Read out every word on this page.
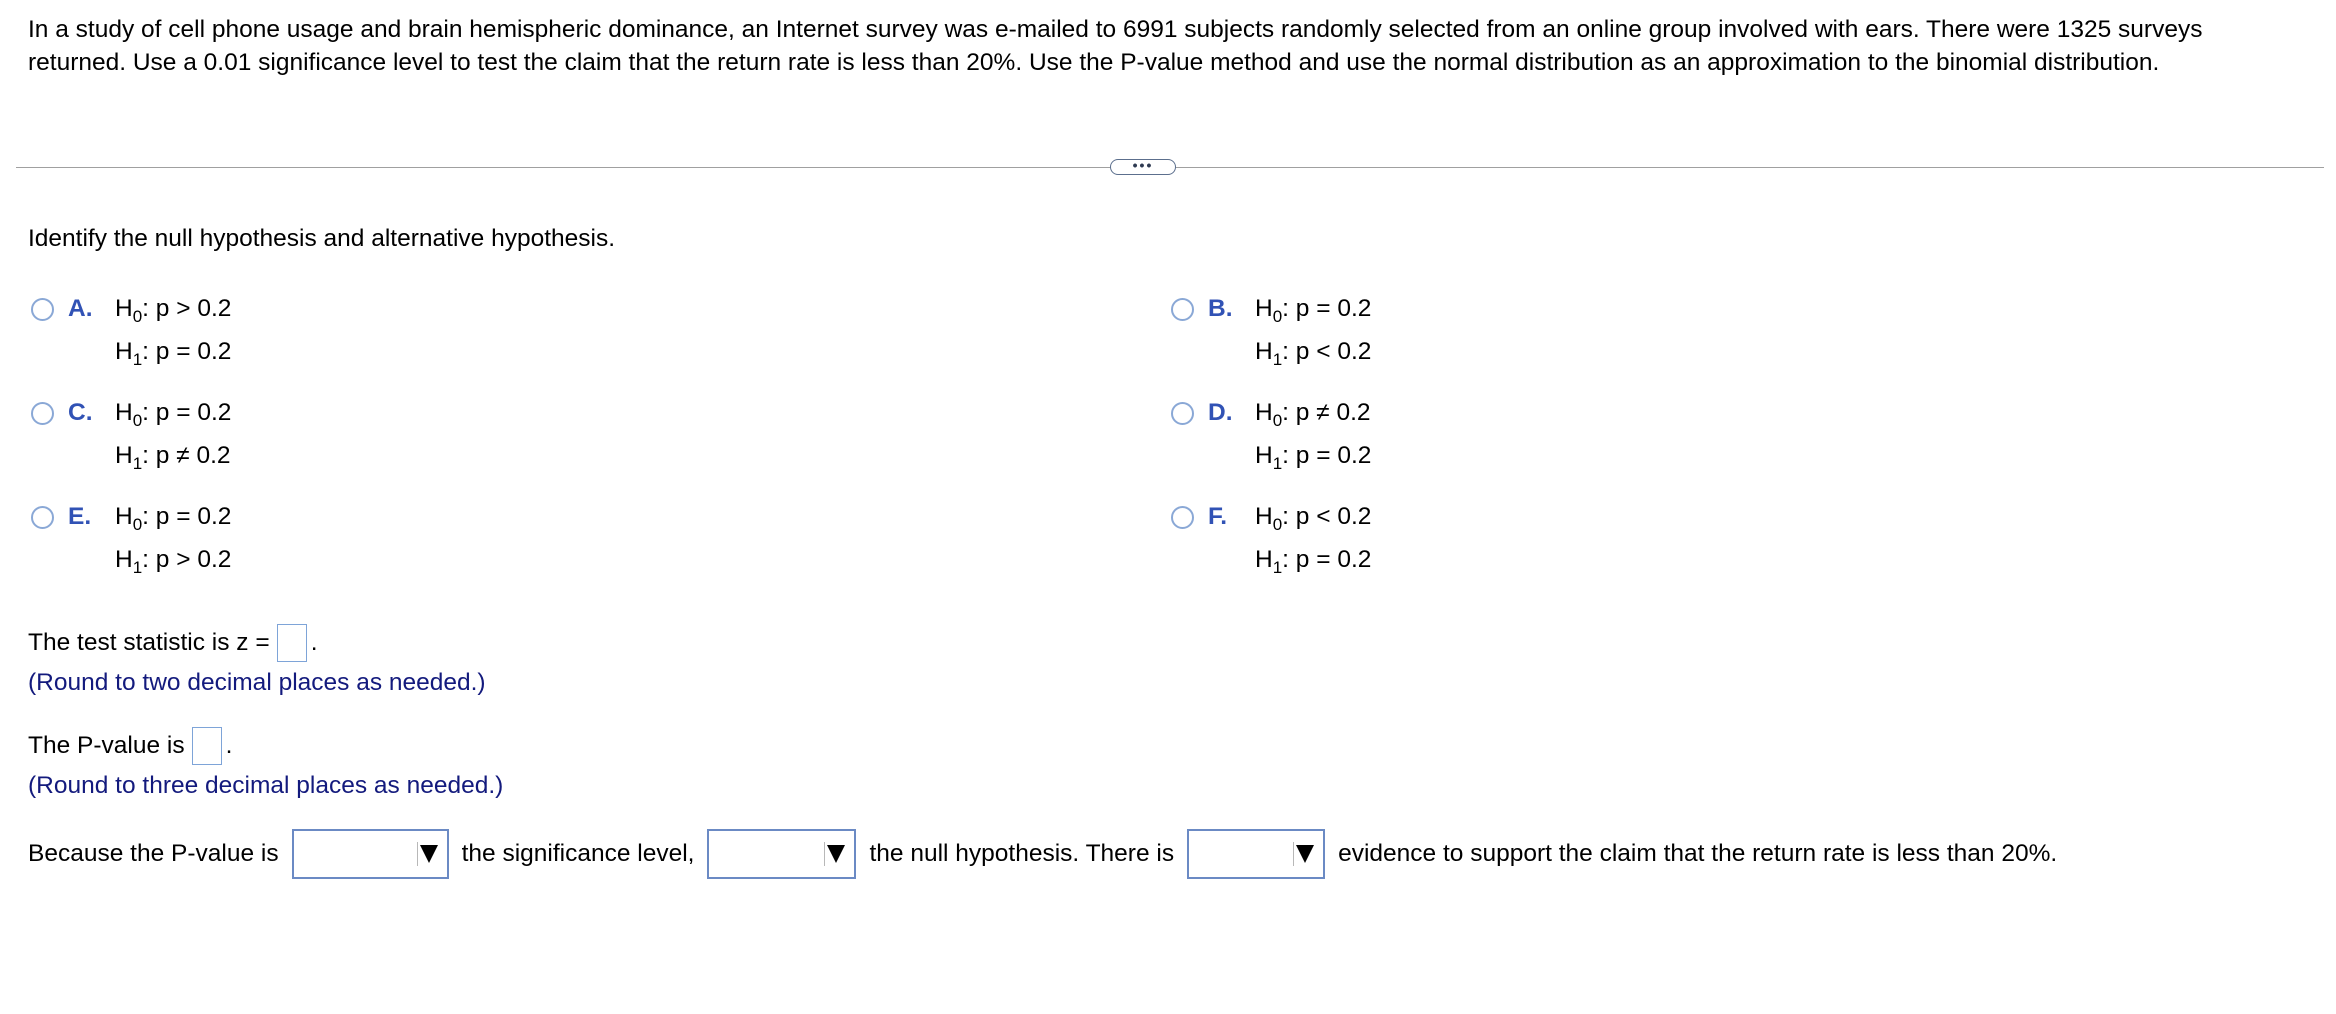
In a study of cell phone usage and brain hemispheric dominance, an Internet survey was e-mailed to 6991 subjects randomly selected from an online group involved with ears. There were 1325 surveys returned. Use a 0.01 significance level to test the claim that the return rate is less than 20%. Use the P-value method and use the normal distribution as an approximation to the binomial distribution.
•••
Identify the null hypothesis and alternative hypothesis.
A. $H_0$: p > 0.2
$H_1$: p = 0.2
B. $H_0$: p = 0.2
$H_1$: p < 0.2
C. $H_0$: p = 0.2
$H_1$: p ≠ 0.2
D. $H_0$: p ≠ 0.2
$H_1$: p = 0.2
E. $H_0$: p = 0.2
$H_1$: p > 0.2
F.	$H_0$: p < 0.2
$H_1$: p = 0.2
The test statistic is z = .
(Round to two decimal places as needed.)
The P-value is .
(Round to three decimal places as needed.)
Because the P-value is	the significance level,	the null hypothesis. There is	evidence to support the claim that the return rate is less than 20%.
